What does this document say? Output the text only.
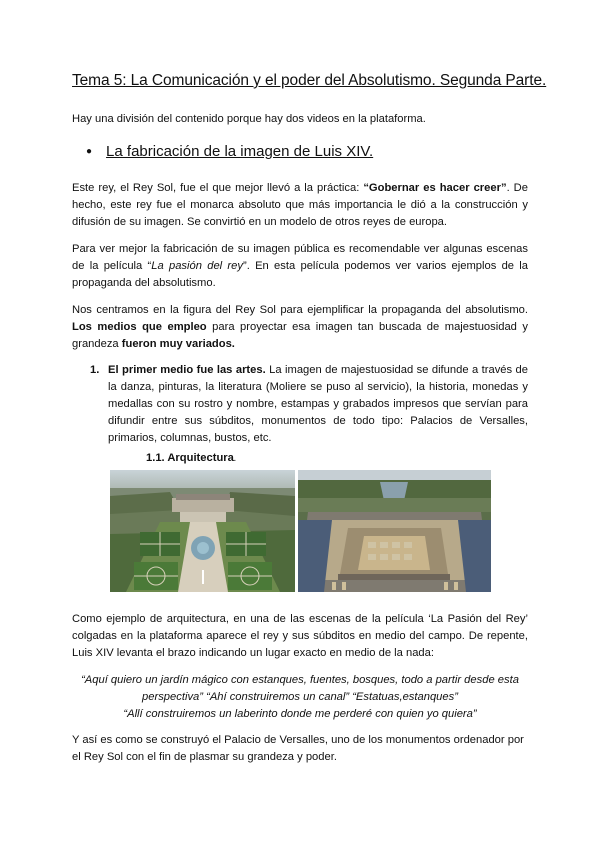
Tema 5: La Comunicación y el poder del Absolutismo. Segunda Parte.

Hay una división del contenido porque hay dos videos en la plataforma.

● La fabricación de la imagen de Luis XIV.

Este rey, el Rey Sol, fue el que mejor llevó a la práctica: “Gobernar es hacer creer”. De hecho, este rey fue el monarca absoluto que más importancia le dió a la construcción y difusión de su imagen. Se convirtió en un modelo de otros reyes de europa.

Para ver mejor la fabricación de su imagen pública es recomendable ver algunas escenas de la película “La pasión del rey”. En esta película podemos ver varios ejemplos de la propaganda del absolutismo.

Nos centramos en la figura del Rey Sol para ejemplificar la propaganda del absolutismo. Los medios que empleo para proyectar esa imagen tan buscada de majestuosidad y grandeza fueron muy variados.

1. El primer medio fue las artes. La imagen de majestuosidad se difunde a través de la danza, pinturas, la literatura (Moliere se puso al servicio), la historia, monedas y medallas con su rostro y nombre, estampas y grabados impresos que servían para difundir entre sus súbditos, monumentos de todo tipo: Palacios de Versalles, primarios, columnas, bustos, etc.
1.1. Arquitectura.

Como ejemplo de arquitectura, en una de las escenas de la película ‘La Pasión del Rey’ colgadas en la plataforma aparece el rey y sus súbditos en medio del campo. De repente, Luis XIV levanta el brazo indicando un lugar exacto en medio de la nada:

“Aquí quiero un jardín mágico con estanques, fuentes, bosques, todo a partir desde esta
perspectiva” “Ahí construiremos un canal” “Estatuas,estanques”
“Allí construiremos un laberinto donde me perderé con quien yo quiera”

Y así es como se construyó el Palacio de Versalles, uno de los monumentos ordenador por el Rey Sol con el fin de plasmar su grandeza y poder.
